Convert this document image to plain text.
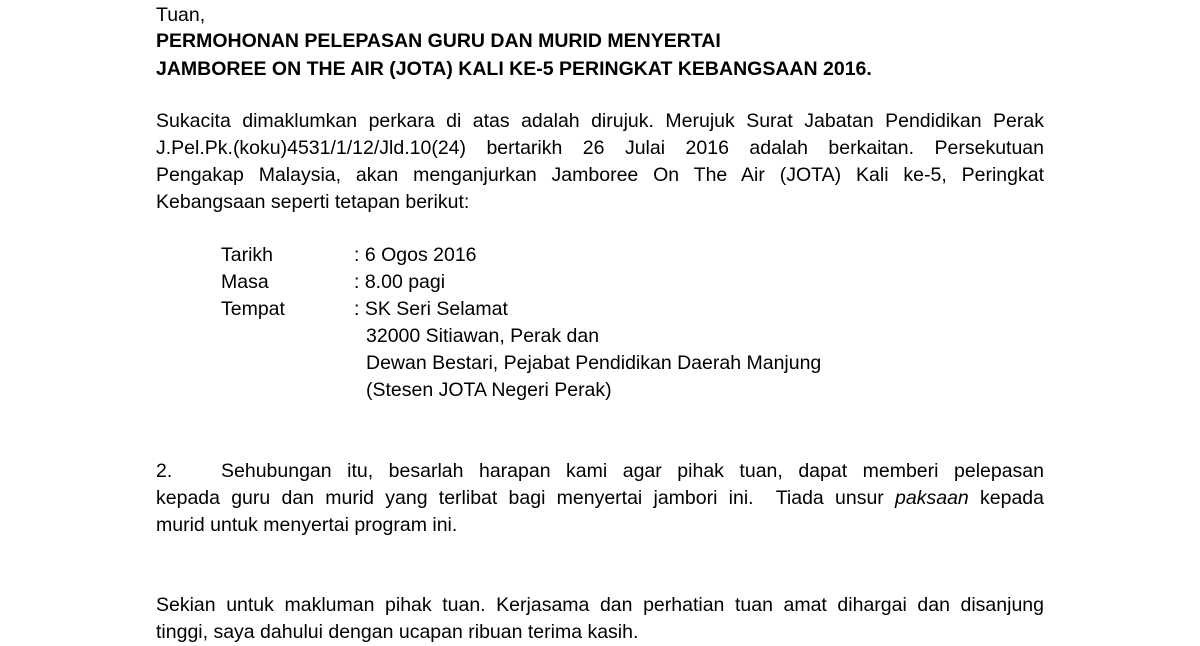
Tuan,
PERMOHONAN PELEPASAN GURU DAN MURID MENYERTAI
JAMBOREE ON THE AIR (JOTA) KALI KE-5 PERINGKAT KEBANGSAAN 2016.
Sukacita dimaklumkan perkara di atas adalah dirujuk. Merujuk Surat Jabatan Pendidikan Perak
J.Pel.Pk.(koku)4531/1/12/Jld.10(24) bertarikh 26 Julai 2016 adalah berkaitan. Persekutuan
Pengakap Malaysia, akan menganjurkan Jamboree On The Air (JOTA) Kali ke-5, Peringkat
Kebangsaan seperti tetapan berikut:
Tarikh	: 6 Ogos 2016
Masa	: 8.00 pagi
Tempat	: SK Seri Selamat
32000 Sitiawan, Perak dan
Dewan Bestari, Pejabat Pendidikan Daerah Manjung
(Stesen JOTA Negeri Perak)
2. Sehubungan itu, besarlah harapan kami agar pihak tuan, dapat memberi pelepasan
kepada guru dan murid yang terlibat bagi menyertai jambori ini.  Tiada unsur paksaan kepada
murid untuk menyertai program ini.
Sekian untuk makluman pihak tuan. Kerjasama dan perhatian tuan amat dihargai dan disanjung
tinggi, saya dahului dengan ucapan ribuan terima kasih.
